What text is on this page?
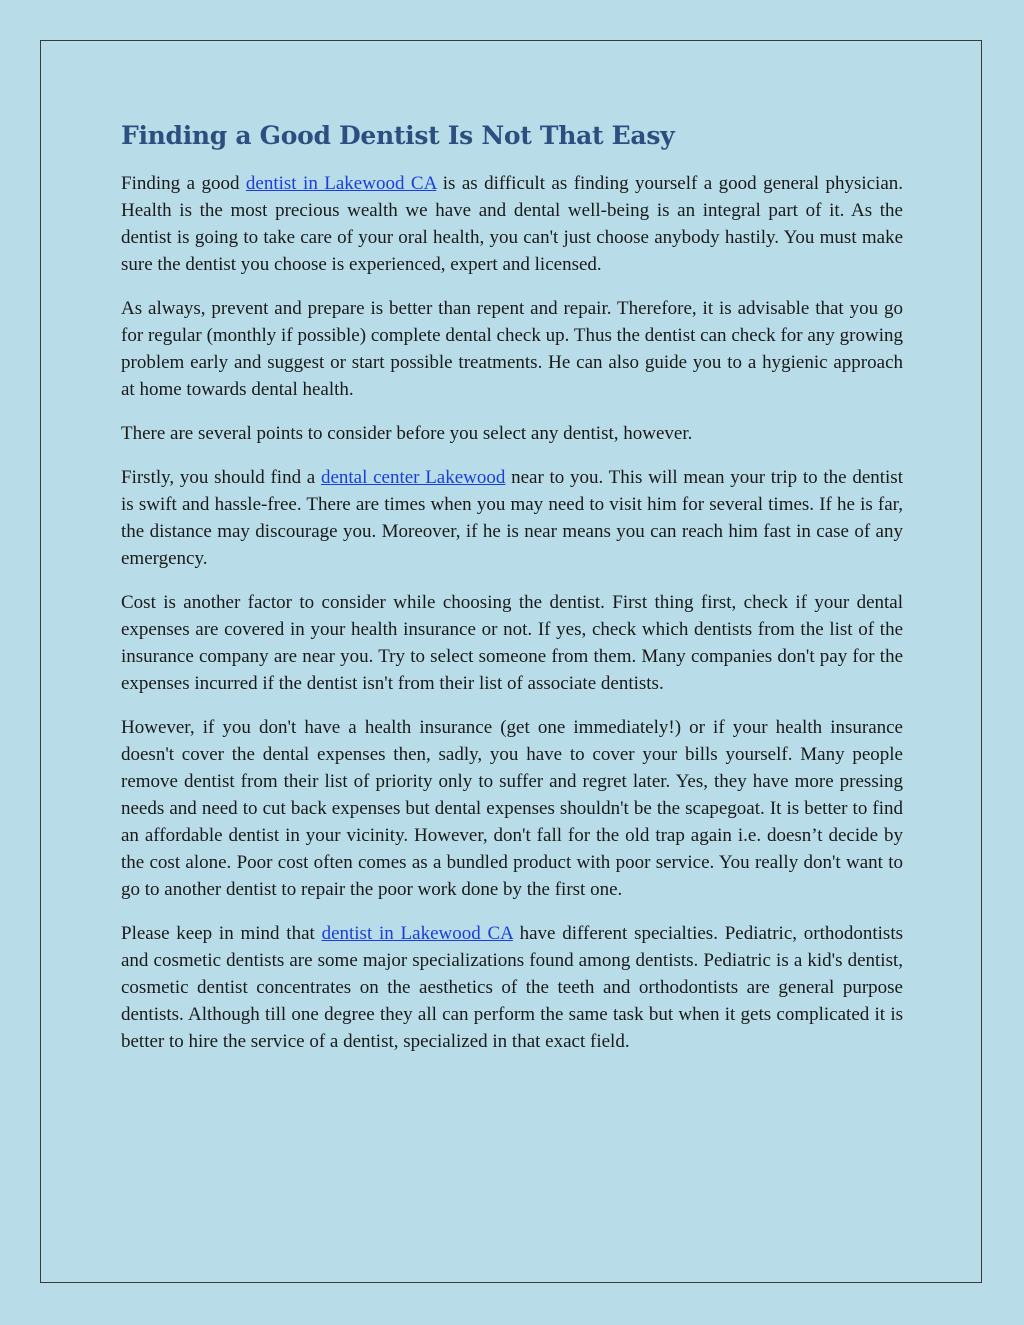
Finding a Good Dentist Is Not That Easy

Finding a good dentist in Lakewood CA is as difficult as finding yourself a good general physician. Health is the most precious wealth we have and dental well-being is an integral part of it. As the dentist is going to take care of your oral health, you can't just choose anybody hastily. You must make sure the dentist you choose is experienced, expert and licensed.

As always, prevent and prepare is better than repent and repair. Therefore, it is advisable that you go for regular (monthly if possible) complete dental check up. Thus the dentist can check for any growing problem early and suggest or start possible treatments. He can also guide you to a hygienic approach at home towards dental health.

There are several points to consider before you select any dentist, however.

Firstly, you should find a dental center Lakewood near to you. This will mean your trip to the dentist is swift and hassle-free. There are times when you may need to visit him for several times. If he is far, the distance may discourage you. Moreover, if he is near means you can reach him fast in case of any emergency.

Cost is another factor to consider while choosing the dentist. First thing first, check if your dental expenses are covered in your health insurance or not. If yes, check which dentists from the list of the insurance company are near you. Try to select someone from them. Many companies don't pay for the expenses incurred if the dentist isn't from their list of associate dentists.

However, if you don't have a health insurance (get one immediately!) or if your health insurance doesn't cover the dental expenses then, sadly, you have to cover your bills yourself. Many people remove dentist from their list of priority only to suffer and regret later. Yes, they have more pressing needs and need to cut back expenses but dental expenses shouldn't be the scapegoat. It is better to find an affordable dentist in your vicinity. However, don't fall for the old trap again i.e. doesn’t decide by the cost alone. Poor cost often comes as a bundled product with poor service. You really don't want to go to another dentist to repair the poor work done by the first one.

Please keep in mind that dentist in Lakewood CA have different specialties. Pediatric, orthodontists and cosmetic dentists are some major specializations found among dentists. Pediatric is a kid's dentist, cosmetic dentist concentrates on the aesthetics of the teeth and orthodontists are general purpose dentists. Although till one degree they all can perform the same task but when it gets complicated it is better to hire the service of a dentist, specialized in that exact field.
